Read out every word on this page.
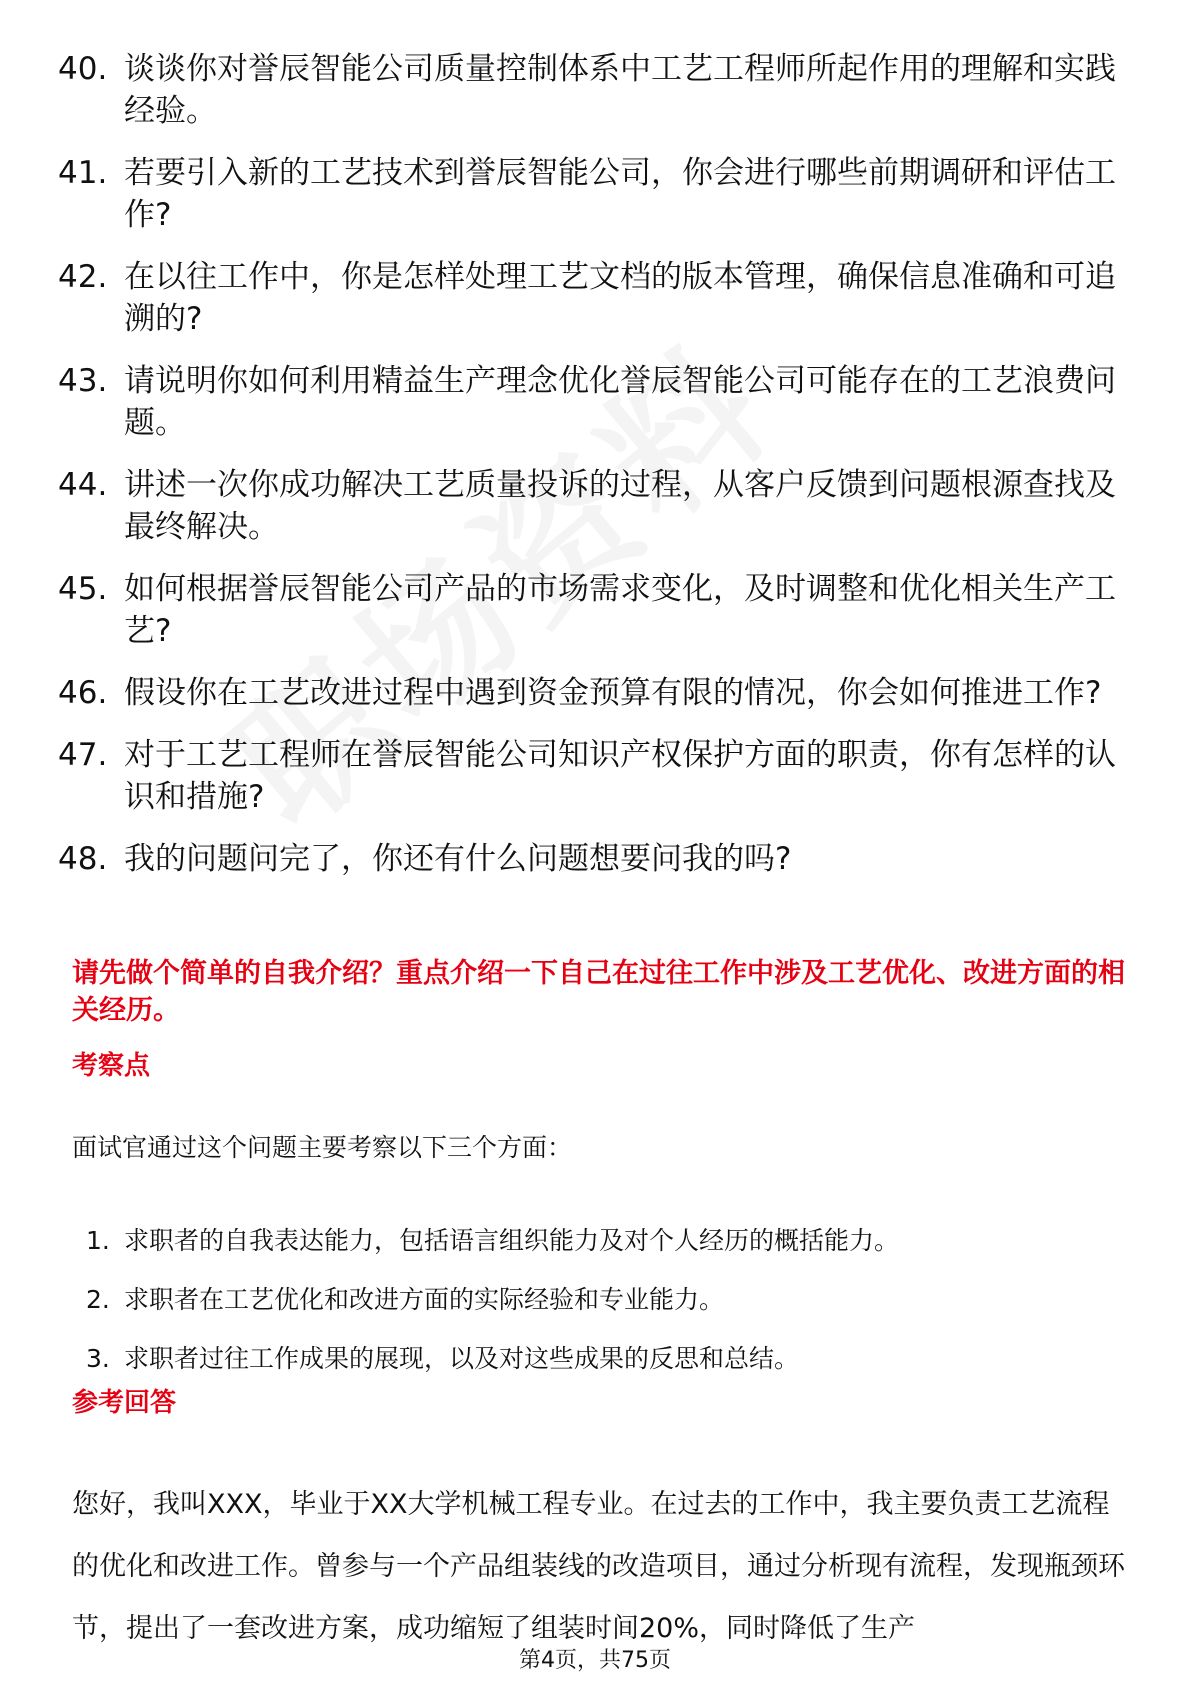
40. 谈谈你对誉辰智能公司质量控制体系中工艺工程师所起作用的理解和实践经验。
41. 若要引入新的工艺技术到誉辰智能公司，你会进行哪些前期调研和评估工作?
42. 在以往工作中，你是怎样处理工艺文档的版本管理，确保信息准确和可追溯的?
43. 请说明你如何利用精益生产理念优化誉辰智能公司可能存在的工艺浪费问题。
44. 讲述一次你成功解决工艺质量投诉的过程，从客户反馈到问题根源查找及最终解决。
45. 如何根据誉辰智能公司产品的市场需求变化，及时调整和优化相关生产工艺?
46. 假设你在工艺改进过程中遇到资金预算有限的情况，你会如何推进工作?
47. 对于工艺工程师在誉辰智能公司知识产权保护方面的职责，你有怎样的认识和措施?
48. 我的问题问完了，你还有什么问题想要问我的吗?
请先做个简单的自我介绍？重点介绍一下自己在过往工作中涉及工艺优化、改进方面的相关经历。
考察点
面试官通过这个问题主要考察以下三个方面：
1. 求职者的自我表达能力，包括语言组织能力及对个人经历的概括能力。
2. 求职者在工艺优化和改进方面的实际经验和专业能力。
3. 求职者过往工作成果的展现，以及对这些成果的反思和总结。
参考回答
您好，我叫XXX，毕业于XX大学机械工程专业。在过去的工作中，我主要负责工艺流程的优化和改进工作。曾参与一个产品组装线的改造项目，通过分析现有流程，发现瓶颈环节，提出了一套改进方案，成功缩短了组装时间20%，同时降低了生产
第4页，共75页
